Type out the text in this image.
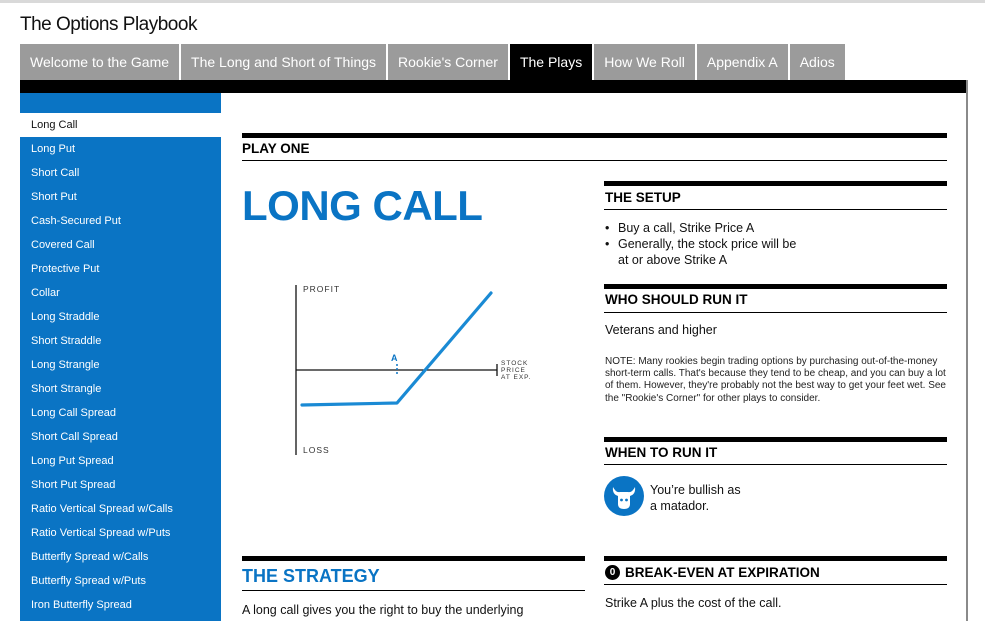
The Options Playbook
Welcome to the Game	The Long and Short of Things	Rookie's Corner	The Plays	How We Roll	Appendix A	Adios
Long Call
Long Put
Short Call
Short Put
Cash-Secured Put
Covered Call
Protective Put
Collar
Long Straddle
Short Straddle
Long Strangle
Short Strangle
Long Call Spread
Short Call Spread
Long Put Spread
Short Put Spread
Ratio Vertical Spread w/Calls
Ratio Vertical Spread w/Puts
Butterfly Spread w/Calls
Butterfly Spread w/Puts
Iron Butterfly Spread
PLAY ONE
LONG CALL
PROFIT
LOSS
A
STOCK
PRICE
AT EXP.
THE SETUP
• Buy a call, Strike Price A
• Generally, the stock price will be
at or above Strike A
WHO SHOULD RUN IT
Veterans and higher
NOTE: Many rookies begin trading options by purchasing out-of-the-money short-term calls. That's because they tend to be cheap, and you can buy a lot of them. However, they're probably not the best way to get your feet wet. See the "Rookie's Corner" for other plays to consider.
WHEN TO RUN IT
You’re bullish as
a matador.
THE STRATEGY
A long call gives you the right to buy the underlying
0 BREAK-EVEN AT EXPIRATION
Strike A plus the cost of the call.
